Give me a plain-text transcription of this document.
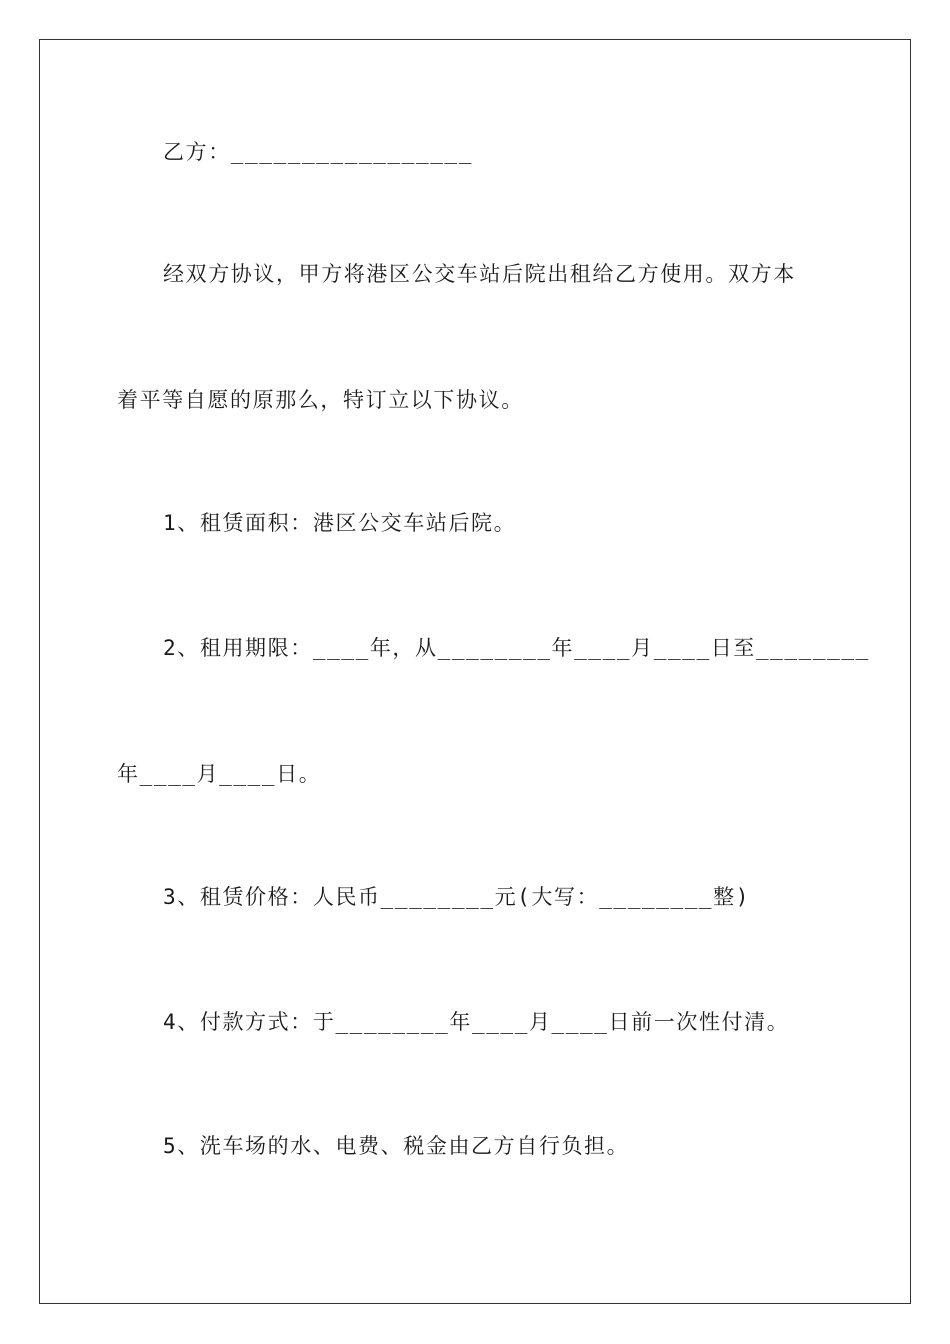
乙方：_________________
经双方协议，甲方将港区公交车站后院出租给乙方使用。双方本
着平等自愿的原那么，特订立以下协议。
1、租赁面积：港区公交车站后院。
2、租用期限：____年，从________年____月____日至________
年____月____日。
3、租赁价格：人民币________元(大写：________整)
4、付款方式：于________年____月____日前一次性付清。
5、洗车场的水、电费、税金由乙方自行负担。
